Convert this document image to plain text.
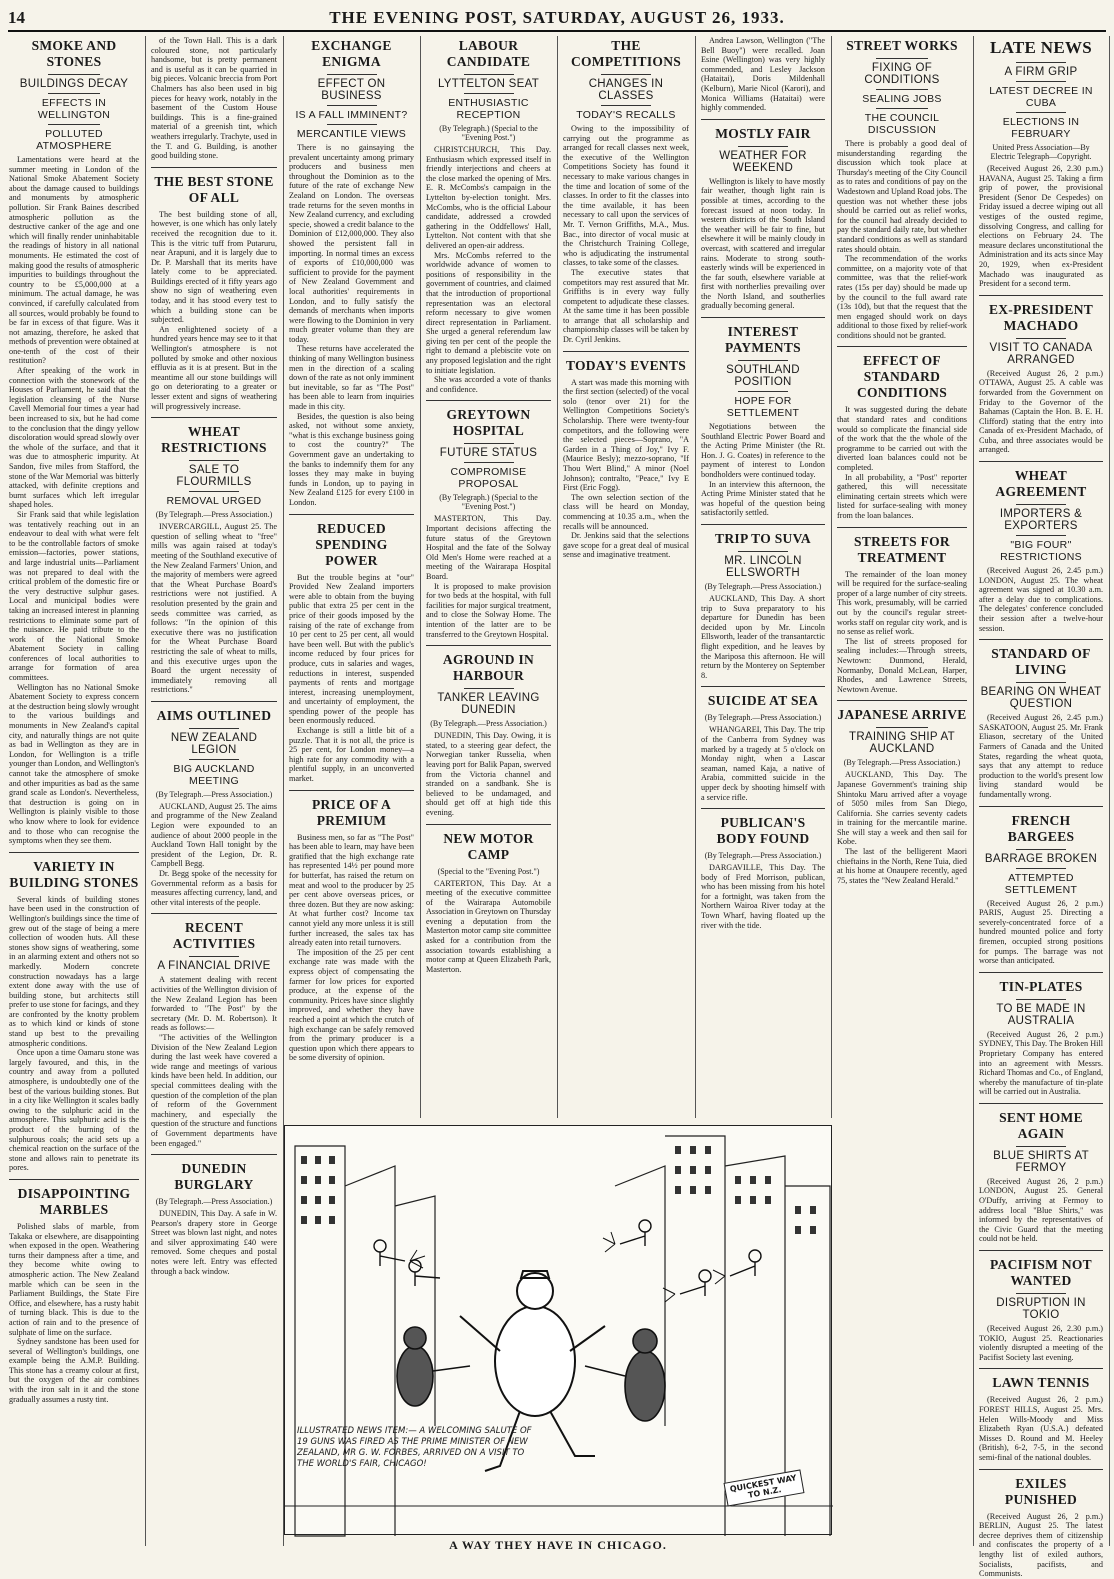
14	THE EVENING POST, SATURDAY, AUGUST 26, 1933.
SMOKE AND STONES
BUILDINGS DECAY
EFFECTS IN WELLINGTON
POLLUTED ATMOSPHERE

Lamentations were heard at the summer meeting in London of the National Smoke Abatement Society about the damage caused to buildings and monuments by atmospheric pollution. Sir Frank Baines described atmospheric pollution as the destructive canker of the age and one which will finally render uninhabitable the readings of history in all national monuments. He estimated the cost of making good the results of atmospheric impurities to buildings throughout the country to be £5,000,000 at a minimum. The actual damage, he was convinced, if carefully calculated from all sources, would probably be found to be far in excess of that figure. Was it not amazing, therefore, he asked that methods of prevention were obtained at one-tenth of the cost of their restitution?

After speaking of the work in connection with the stonework of the Houses of Parliament, he said that the legislation cleansing of the Nurse Cavell Memorial four times a year had been increased to six, but he had come to the conclusion that the dingy yellow discoloration would spread slowly over the whole of the surface, and that it was due to atmospheric impurity. At Sandon, five miles from Stafford, the stone of the War Memorial was bitterly attacked, with definite creptions and burnt surfaces which left irregular shaped holes.

Sir Frank said that while legislation was tentatively reaching out in an endeavour to deal with what were felt to be the controllable factors of smoke emission—factories, power stations, and large industrial units—Parliament was not prepared to deal with the critical problem of the domestic fire or the very destructive sulphur gases. Local and municipal bodies were taking an increased interest in planning restrictions to eliminate some part of the nuisance. He paid tribute to the work of the National Smoke Abatement Society in calling conferences of local authorities to arrange for formation of area committees.

Wellington has no National Smoke Abatement Society to express concern at the destruction being slowly wrought to the various buildings and monuments in New Zealand's capital city, and naturally things are not quite as bad in Wellington as they are in London, for Wellington is a trifle younger than London, and Wellington's cannot take the atmosphere of smoke and other impurities as bad as the same grand scale as London's. Nevertheless, that destruction is going on in Wellington is plainly visible to those who know where to look for evidence and to those who can recognise the symptoms when they see them.

VARIETY IN BUILDING STONES

Several kinds of building stones have been used in the construction of Wellington's buildings since the time of grew out of the stage of being a mere collection of wooden huts. All these stones show signs of weathering, some in an alarming extent and others not so markedly. Modern concrete construction nowadays has a large extent done away with the use of building stone, but architects still prefer to use stone for facings, and they are confronted by the knotty problem as to which kind or kinds of stone stand up best to the prevailing atmospheric conditions.

Once upon a time Oamaru stone was largely favoured, and this, in the country and away from a polluted atmosphere, is undoubtedly one of the best of the various building stones. But in a city like Wellington it scales badly owing to the sulphuric acid in the atmosphere. This sulphuric acid is the product of the burning of the sulphurous coals; the acid sets up a chemical reaction on the surface of the stone and allows rain to penetrate its pores.

DISAPPOINTING MARBLES

Polished slabs of marble, from Takaka or elsewhere, are disappointing when exposed in the open. Weathering turns their dampness after a time, and they become white owing to atmospheric action. The New Zealand marble which can be seen in the Parliament Buildings, the State Fire Office, and elsewhere, has a rusty habit of turning black. This is due to the action of rain and to the presence of sulphate of lime on the surface.

Sydney sandstone has been used for several of Wellington's buildings, one example being the A.M.P. Building. This stone has a creamy colour at first, but the oxygen of the air combines with the iron salt in it and the stone gradually assumes a rusty tint.

of the Town Hall. This is a dark coloured stone, not particularly handsome, but is pretty permanent and is useful as it can be quarried in big pieces. Volcanic breccia from Port Chalmers has also been used in big pieces for heavy work, notably in the basement of the Custom House buildings. This is a fine-grained material of a greenish tint, which weathers irregularly. Trachyte, used in the T. and G. Building, is another good building stone.

THE BEST STONE OF ALL

The best building stone of all, however, is one which has only lately received the recognition due to it. This is the vitric tuff from Putaruru, near Arapuni, and it is largely due to Dr. P. Marshall that its merits have lately come to be appreciated. Buildings erected of it fifty years ago show no sign of weathering even today, and it has stood every test to which a building stone can be subjected.

An enlightened society of a hundred years hence may see to it that Wellington's atmosphere is not polluted by smoke and other noxious effluvia as it is at present. But in the meantime all our stone buildings will go on deteriorating to a greater or lesser extent and signs of weathering will progressively increase.

WHEAT RESTRICTIONS
SALE TO FLOURMILLS
REMOVAL URGED
(By Telegraph.—Press Association.)

INVERCARGILL, August 25. The question of selling wheat to "free" mills was again raised at today's meeting of the Southland executive of the New Zealand Farmers' Union, and the majority of members were agreed that the Wheat Purchase Board's restrictions were not justified. A resolution presented by the grain and seeds committee was carried, as follows: "In the opinion of this executive there was no justification for the Wheat Purchase Board restricting the sale of wheat to mills, and this executive urges upon the Board the urgent necessity of immediately removing all restrictions."

AIMS OUTLINED
NEW ZEALAND LEGION
BIG AUCKLAND MEETING
(By Telegraph.—Press Association.)

AUCKLAND, August 25. The aims and programme of the New Zealand Legion were expounded to an audience of about 2000 people in the Auckland Town Hall tonight by the president of the Legion, Dr. R. Campbell Begg.

Dr. Begg spoke of the necessity for Governmental reform as a basis for measures affecting currency, land, and other vital interests of the people.

RECENT ACTIVITIES
A FINANCIAL DRIVE

A statement dealing with recent activities of the Wellington division of the New Zealand Legion has been forwarded to "The Post" by the secretary (Mr. D. M. Robertson). It reads as follows:—

"The activities of the Wellington Division of the New Zealand Legion during the last week have covered a wide range and meetings of various kinds have been held. In addition, our special committees dealing with the question of the completion of the plan of reform of the Government machinery, and especially the question of the structure and functions of Government departments have been engaged."

DUNEDIN BURGLARY
(By Telegraph.—Press Association.)

DUNEDIN, This Day. A safe in W. Pearson's drapery store in George Street was blown last night, and notes and silver approximating £40 were removed. Some cheques and postal notes were left. Entry was effected through a back window.

EXCHANGE ENIGMA
EFFECT ON BUSINESS
IS A FALL IMMINENT?
MERCANTILE VIEWS

There is no gainsaying the prevalent uncertainty among primary producers and business men throughout the Dominion as to the future of the rate of exchange New Zealand on London. The overseas trade returns for the seven months in New Zealand currency, and excluding specie, showed a credit balance to the Dominion of £12,000,000. They also showed the persistent fall in importing. In normal times an excess of exports of £10,000,000 was sufficient to provide for the payment of New Zealand Government and local authorities' requirements in London, and to fully satisfy the demands of merchants when imports were flowing to the Dominion in very much greater volume than they are today.

These returns have accelerated the thinking of many Wellington business men in the direction of a scaling down of the rate as not only imminent but inevitable, so far as "The Post" has been able to learn from inquiries made in this city.

Besides, the question is also being asked, not without some anxiety, "what is this exchange business going to cost the country?" The Government gave an undertaking to the banks to indemnify them for any losses they may make in buying funds in London, up to paying in New Zealand £125 for every £100 in London.

REDUCED SPENDING POWER

But the trouble begins at "our" Provided New Zealand importers were able to obtain from the buying public that extra 25 per cent in the price of their goods imposed by the raising of the rate of exchange from 10 per cent to 25 per cent, all would have been well. But with the public's income reduced by four prices for produce, cuts in salaries and wages, reductions in interest, suspended payments of rents and mortgage interest, increasing unemployment, and uncertainty of employment, the spending power of the people has been enormously reduced.

Exchange is still a little bit of a puzzle. That it is not all, the price is 25 per cent, for London money—a high rate for any commodity with a plentiful supply, in an unconverted market.

PRICE OF A PREMIUM

Business men, so far as "The Post" has been able to learn, may have been gratified that the high exchange rate has represented 14½ per pound more for butterfat, has raised the return on meat and wool to the producer by 25 per cent above overseas prices, or three dozen. But they are now asking: At what further cost? Income tax cannot yield any more unless it is still further increased, the sales tax has already eaten into retail turnovers.

The imposition of the 25 per cent exchange rate was made with the express object of compensating the farmer for low prices for exported produce, at the expense of the community. Prices have since slightly improved, and whether they have reached a point at which the crutch of high exchange can be safely removed from the primary producer is a question upon which there appears to be some diversity of opinion.

LABOUR CANDIDATE
LYTTELTON SEAT
ENTHUSIASTIC RECEPTION
(By Telegraph.) (Special to the "Evening Post.")

CHRISTCHURCH, This Day. Enthusiasm which expressed itself in friendly interjections and cheers at the close marked the opening of Mrs. E. R. McCombs's campaign in the Lyttelton by-election tonight. Mrs. McCombs, who is the official Labour candidate, addressed a crowded gathering in the Oddfellows' Hall, Lyttelton. Not content with that she delivered an open-air address.

Mrs. McCombs referred to the worldwide advance of women to positions of responsibility in the government of countries, and claimed that the introduction of proportional representation was an electoral reform necessary to give women direct representation in Parliament. She urged a general referendum law giving ten per cent of the people the right to demand a plebiscite vote on any proposed legislation and the right to initiate legislation.

She was accorded a vote of thanks and confidence.

GREYTOWN HOSPITAL
FUTURE STATUS
COMPROMISE PROPOSAL
(By Telegraph.) (Special to the "Evening Post.")

MASTERTON, This Day. Important decisions affecting the future status of the Greytown Hospital and the fate of the Solway Old Men's Home were reached at a meeting of the Wairarapa Hospital Board.

It is proposed to make provision for two beds at the hospital, with full facilities for major surgical treatment, and to close the Solway Home. The intention of the latter are to be transferred to the Greytown Hospital.

AGROUND IN HARBOUR
TANKER LEAVING DUNEDIN
(By Telegraph.—Press Association.)

DUNEDIN, This Day. Owing, it is stated, to a steering gear defect, the Norwegian tanker Russelia, when leaving port for Balik Papan, swerved from the Victoria channel and stranded on a sandbank. She is believed to be undamaged, and should get off at high tide this evening.

NEW MOTOR CAMP
(Special to the "Evening Post.")

CARTERTON, This Day. At a meeting of the executive committee of the Wairarapa Automobile Association in Greytown on Thursday evening a deputation from the Masterton motor camp site committee asked for a contribution from the association towards establishing a motor camp at Queen Elizabeth Park, Masterton.

THE COMPETITIONS
CHANGES IN CLASSES
TODAY'S RECALLS

Owing to the impossibility of carrying out the programme as arranged for recall classes next week, the executive of the Wellington Competitions Society has found it necessary to make various changes in the time and location of some of the classes. In order to fit the classes into the time available, it has been necessary to call upon the services of Mr. T. Vernon Griffiths, M.A., Mus. Bac., into director of vocal music at the Christchurch Training College, who is adjudicating the instrumental classes, to take some of the classes.

The executive states that competitors may rest assured that Mr. Griffiths is in every way fully competent to adjudicate these classes. At the same time it has been possible to arrange that all scholarship and championship classes will be taken by Dr. Cyril Jenkins.

TODAY'S EVENTS

A start was made this morning with the first section (selected) of the vocal solo (tenor over 21) for the Wellington Competitions Society's Scholarship. There were twenty-four competitors, and the following were the selected pieces—Soprano, "A Garden in a Thing of Joy," Ivy F. (Maurice Besly); mezzo-soprano, "If Thou Wert Blind," A minor (Noel Johnson); contralto, "Peace," Ivy E First (Eric Fogg).

The own selection section of the class will be heard on Monday, commencing at 10.35 a.m., when the recalls will be announced.

Dr. Jenkins said that the selections gave scope for a great deal of musical sense and imaginative treatment.

Andrea Lawson, Wellington ("The Bell Buoy") were recalled. Joan Esine (Wellington) was very highly commended, and Lesley Jackson (Hataitai), Doris Mildenhall (Kelburn), Marie Nicol (Karori), and Monica Williams (Hataitai) were highly commended.

MOSTLY FAIR
WEATHER FOR WEEKEND

Wellington is likely to have mostly fair weather, though light rain is possible at times, according to the forecast issued at noon today. In western districts of the South Island the weather will be fair to fine, but elsewhere it will be mainly cloudy in overcast, with scattered and irregular rains. Moderate to strong south-easterly winds will be experienced in the far south, elsewhere variable at first with northerlies prevailing over the North Island, and southerlies gradually becoming general.

INTEREST PAYMENTS
SOUTHLAND POSITION
HOPE FOR SETTLEMENT

Negotiations between the Southland Electric Power Board and the Acting Prime Minister (the Rt. Hon. J. G. Coates) in reference to the payment of interest to London bondholders were continued today.

In an interview this afternoon, the Acting Prime Minister stated that he was hopeful of the question being satisfactorily settled.

TRIP TO SUVA
MR. LINCOLN ELLSWORTH
(By Telegraph.—Press Association.)

AUCKLAND, This Day. A short trip to Suva preparatory to his departure for Dunedin has been decided upon by Mr. Lincoln Ellsworth, leader of the transantarctic flight expedition, and he leaves by the Mariposa this afternoon. He will return by the Monterey on September 8.

SUICIDE AT SEA
(By Telegraph.—Press Association.)

WHANGAREI, This Day. The trip of the Canberra from Sydney was marked by a tragedy at 5 o'clock on Monday night, when a Lascar seaman, named Kaja, a native of Arabia, committed suicide in the upper deck by shooting himself with a service rifle.

PUBLICAN'S BODY FOUND
(By Telegraph.—Press Association.)

DARGAVILLE, This Day. The body of Fred Morrison, publican, who has been missing from his hotel for a fortnight, was taken from the Northern Wairoa River today at the Town Wharf, having floated up the river with the tide.

STREET WORKS
FIXING OF CONDITIONS
SEALING JOBS
THE COUNCIL DISCUSSION

There is probably a good deal of misunderstanding regarding the discussion which took place at Thursday's meeting of the City Council as to rates and conditions of pay on the Wadestown and Upland Road jobs. The question was not whether these jobs should be carried out as relief works, for the council had already decided to pay the standard daily rate, but whether standard conditions as well as standard rates should obtain.

The recommendation of the works committee, on a majority vote of that committee, was that the relief-work rates (15s per day) should be made up by the council to the full award rate (13s 10d), but that the request that the men engaged should work on days additional to those fixed by relief-work conditions should not be granted.

EFFECT OF STANDARD CONDITIONS

It was suggested during the debate that standard rates and conditions would so complicate the financial side of the work that the the whole of the programme to be carried out with the diverted loan balances could not be completed.

In all probability, a "Post" reporter gathered, this will necessitate eliminating certain streets which were listed for surface-sealing with money from the loan balances.

STREETS FOR TREATMENT

The remainder of the loan money will be required for the surface-sealing proper of a large number of city streets. This work, presumably, will be carried out by the council's regular street-works staff on regular city work, and is no sense as relief work.

The list of streets proposed for sealing includes:—Through streets, Newtown: Dunmond, Herald, Normanby, Donald McLean, Harper, Rhodes, and Lawrence Streets, Newtown Avenue.

JAPANESE ARRIVE
TRAINING SHIP AT AUCKLAND
(By Telegraph.—Press Association.)

AUCKLAND, This Day. The Japanese Government's training ship Shintoku Maru arrived after a voyage of 5050 miles from San Diego, California. She carries seventy cadets in training for the mercantile marine. She will stay a week and then sail for Kobe.

The last of the belligerent Maori chieftains in the North, Rene Tuia, died at his home at Onaupere recently, aged 75, states the "New Zealand Herald."

LATE NEWS
A FIRM GRIP
LATEST DECREE IN CUBA
ELECTIONS IN FEBRUARY
United Press Association—By Electric Telegraph—Copyright.

(Received August 26, 2.30 p.m.) HAVANA, August 25. Taking a firm grip of power, the provisional President (Senor De Cespedes) on Friday issued a decree wiping out all vestiges of the ousted regime, dissolving Congress, and calling for elections on February 24. The measure declares unconstitutional the Administration and its acts since May 20, 1929, when ex-President Machado was inaugurated as President for a second term.

EX-PRESIDENT MACHADO
VISIT TO CANADA ARRANGED

(Received August 26, 2 p.m.) OTTAWA, August 25. A cable was forwarded from the Government on Friday to the Governor of the Bahamas (Captain the Hon. B. E. H. Clifford) stating that the entry into Canada of ex-President Machado, of Cuba, and three associates would be arranged.

WHEAT AGREEMENT
IMPORTERS & EXPORTERS
"BIG FOUR" RESTRICTIONS

(Received August 26, 2.45 p.m.) LONDON, August 25. The wheat agreement was signed at 10.30 a.m. after a delay due to complications. The delegates' conference concluded their session after a twelve-hour session.

STANDARD OF LIVING
BEARING ON WHEAT QUESTION

(Received August 26, 2.45 p.m.) SASKATOON, August 25. Mr. Frank Eliason, secretary of the United Farmers of Canada and the United States, regarding the wheat quota, says that any attempt to reduce production to the world's present low living standard would be fundamentally wrong.

FRENCH BARGEES
BARRAGE BROKEN
ATTEMPTED SETTLEMENT

(Received August 26, 2 p.m.) PARIS, August 25. Directing a severely-concentrated force of a hundred mounted police and forty firemen, occupied strong positions for pumps. The barrage was not worse than anticipated.

TIN-PLATES
TO BE MADE IN AUSTRALIA

(Received August 26, 2 p.m.) SYDNEY, This Day. The Broken Hill Proprietary Company has entered into an agreement with Messrs. Richard Thomas and Co., of England, whereby the manufacture of tin-plate will be carried out in Australia.

SENT HOME AGAIN
BLUE SHIRTS AT FERMOY

(Received August 26, 2 p.m.) LONDON, August 25. General O'Duffy, arriving at Fermoy to address local "Blue Shirts," was informed by the representatives of the Civic Guard that the meeting could not be held.

PACIFISM NOT WANTED
DISRUPTION IN TOKIO

(Received August 26, 2.30 p.m.) TOKIO, August 25. Reactionaries violently disrupted a meeting of the Pacifist Society last evening.

LAWN TENNIS

(Received August 26, 2 p.m.) FOREST HILLS, August 25. Mrs. Helen Wills-Moody and Miss Elizabeth Ryan (U.S.A.) defeated Misses D. Round and M. Heeley (British), 6-2, 7-5, in the second semi-final of the national doubles.

EXILES PUNISHED

(Received August 26, 2 p.m.) BERLIN, August 25. The latest decree deprives them of citizenship and confiscates the property of a lengthy list of exiled authors, Socialists, pacifists, and Communists.

ILLUSTRATED NEWS ITEM:— A WELCOMING SALUTE OF 19 GUNS WAS FIRED AS THE PRIME MINISTER OF NEW ZEALAND, MR G. W. FORBES, ARRIVED ON A VISIT TO THE WORLD'S FAIR, CHICAGO!
QUICKEST WAY TO N.Z.
A WAY THEY HAVE IN CHICAGO.
